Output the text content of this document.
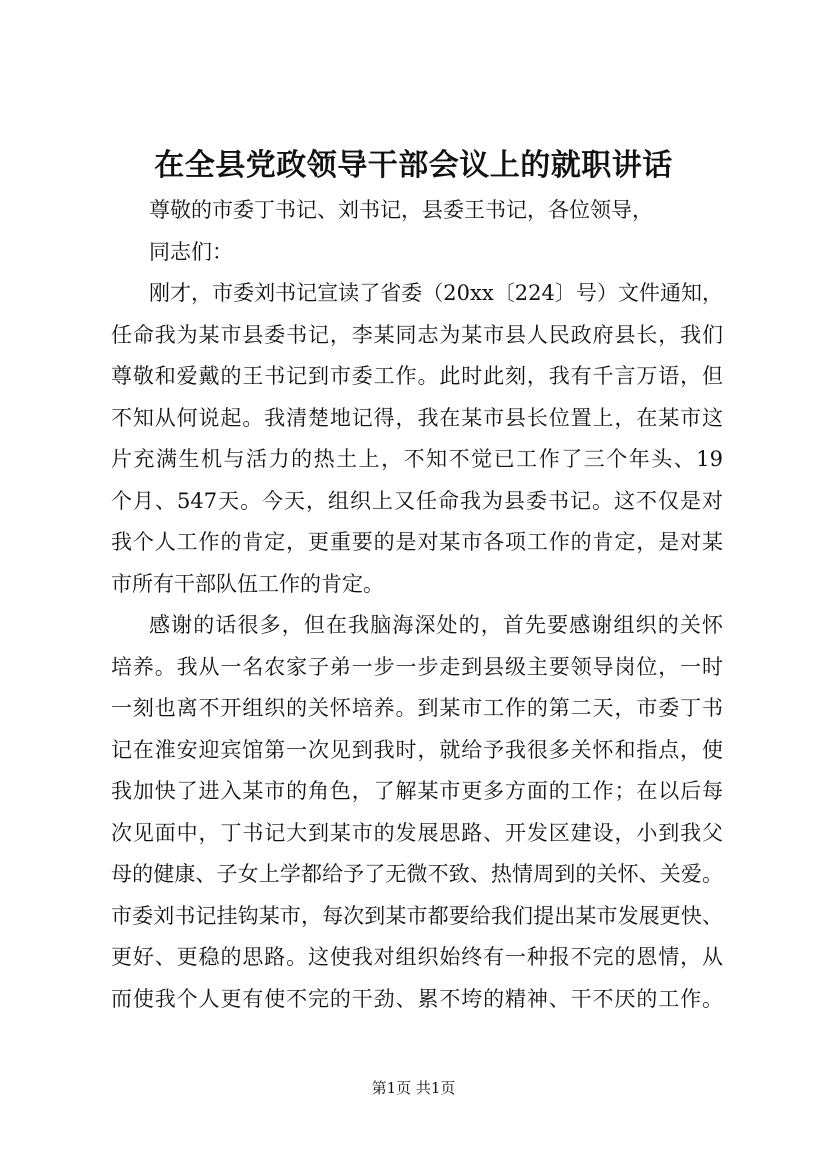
在全县党政领导干部会议上的就职讲话
尊敬的市委丁书记、刘书记，县委王书记，各位领导，
同志们：
刚才，市委刘书记宣读了省委（20xx〔224〕号）文件通知，
任命我为某市县委书记，李某同志为某市县人民政府县长，我们
尊敬和爱戴的王书记到市委工作。此时此刻，我有千言万语，但
不知从何说起。我清楚地记得，我在某市县长位置上，在某市这
片充满生机与活力的热土上，不知不觉已工作了三个年头、19
个月、547天。今天，组织上又任命我为县委书记。这不仅是对
我个人工作的肯定，更重要的是对某市各项工作的肯定，是对某
市所有干部队伍工作的肯定。
感谢的话很多，但在我脑海深处的，首先要感谢组织的关怀
培养。我从一名农家子弟一步一步走到县级主要领导岗位，一时
一刻也离不开组织的关怀培养。到某市工作的第二天，市委丁书
记在淮安迎宾馆第一次见到我时，就给予我很多关怀和指点，使
我加快了进入某市的角色，了解某市更多方面的工作；在以后每
次见面中，丁书记大到某市的发展思路、开发区建设，小到我父
母的健康、子女上学都给予了无微不致、热情周到的关怀、关爱。
市委刘书记挂钩某市，每次到某市都要给我们提出某市发展更快、
更好、更稳的思路。这使我对组织始终有一种报不完的恩情，从
而使我个人更有使不完的干劲、累不垮的精神、干不厌的工作。
第1页 共1页
